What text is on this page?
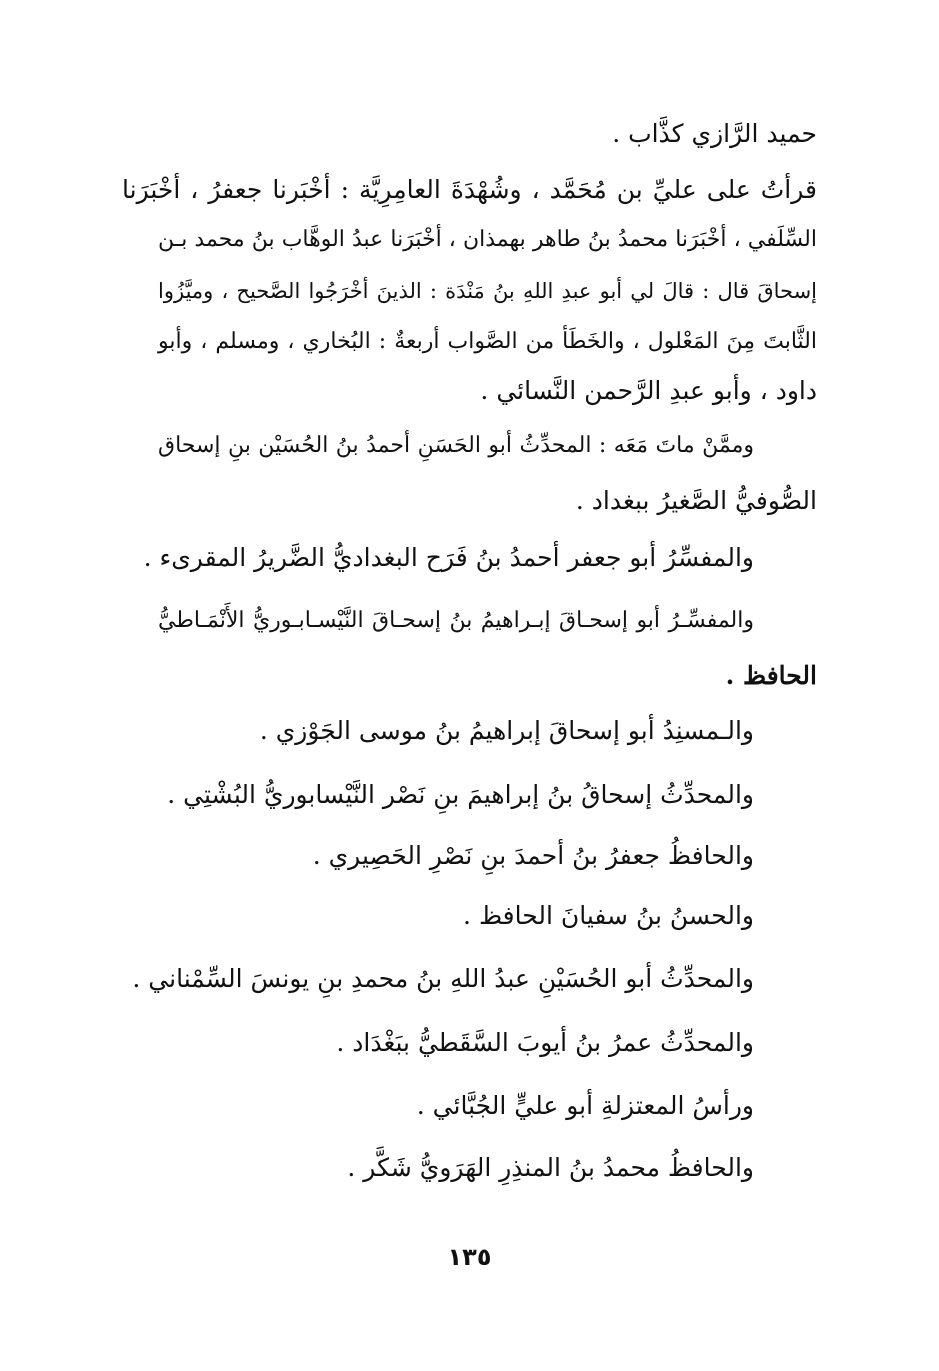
حميد الرَّازي كذَّاب .
قرأتُ على عليِّ بن مُحَمَّد ، وشُهْدَةَ العامِرِيَّة : أخْبَرنا جعفرُ ، أخْبَرَنا
السِّلَفي ، أخْبَرَنا محمدُ بنُ طاهر بهمذان ، أخْبَرَنا عبدُ الوهَّاب بنُ محمد بـن
إسحاقَ قال : قالَ لي أبو عبدِ اللهِ بنُ مَنْدَة : الذينَ أخْرَجُوا الصَّحيح ، وميَّزُوا
الثَّابتَ مِنَ المَعْلول ، والخَطَأ من الصَّواب أربعةٌ : البُخاري ، ومسلم ، وأبو
داود ، وأبو عبدِ الرَّحمن النَّسائي .
وممَّنْ ماتَ مَعَه : المحدِّثُ أبو الحَسَنِ أحمدُ بنُ الحُسَيْن بنِ إسحاق
الصُّوفيُّ الصَّغيرُ ببغداد .
والمفسِّرُ أبو جعفر أحمدُ بنُ فَرَح البغداديُّ الضَّريرُ المقرىء .
والمفسِّـرُ أبو إسحـاقَ إبـراهيمُ بنُ إسحـاقَ النَّيْسـابـوريُّ الأَنْمَـاطيُّ
الحافظ .
والـمسنِدُ أبو إسحاقَ إبراهيمُ بنُ موسى الجَوْزي .
والمحدِّثُ إسحاقُ بنُ إبراهيمَ بنِ نَصْر النَّيْسابوريُّ البُشْتِي .
والحافظُ جعفرُ بنُ أحمدَ بنِ نَصْرِ الحَصِيري .
والحسنُ بنُ سفيانَ الحافظ .
والمحدِّثُ أبو الحُسَيْنِ عبدُ اللهِ بنُ محمدِ بنِ يونسَ السِّمْناني .
والمحدِّثُ عمرُ بنُ أيوبَ السَّقَطيُّ ببَغْدَاد .
ورأسُ المعتزلةِ أبو عليٍّ الجُبَّائي .
والحافظُ محمدُ بنُ المنذِرِ الهَرَويُّ شَكَّر .
١٣٥
